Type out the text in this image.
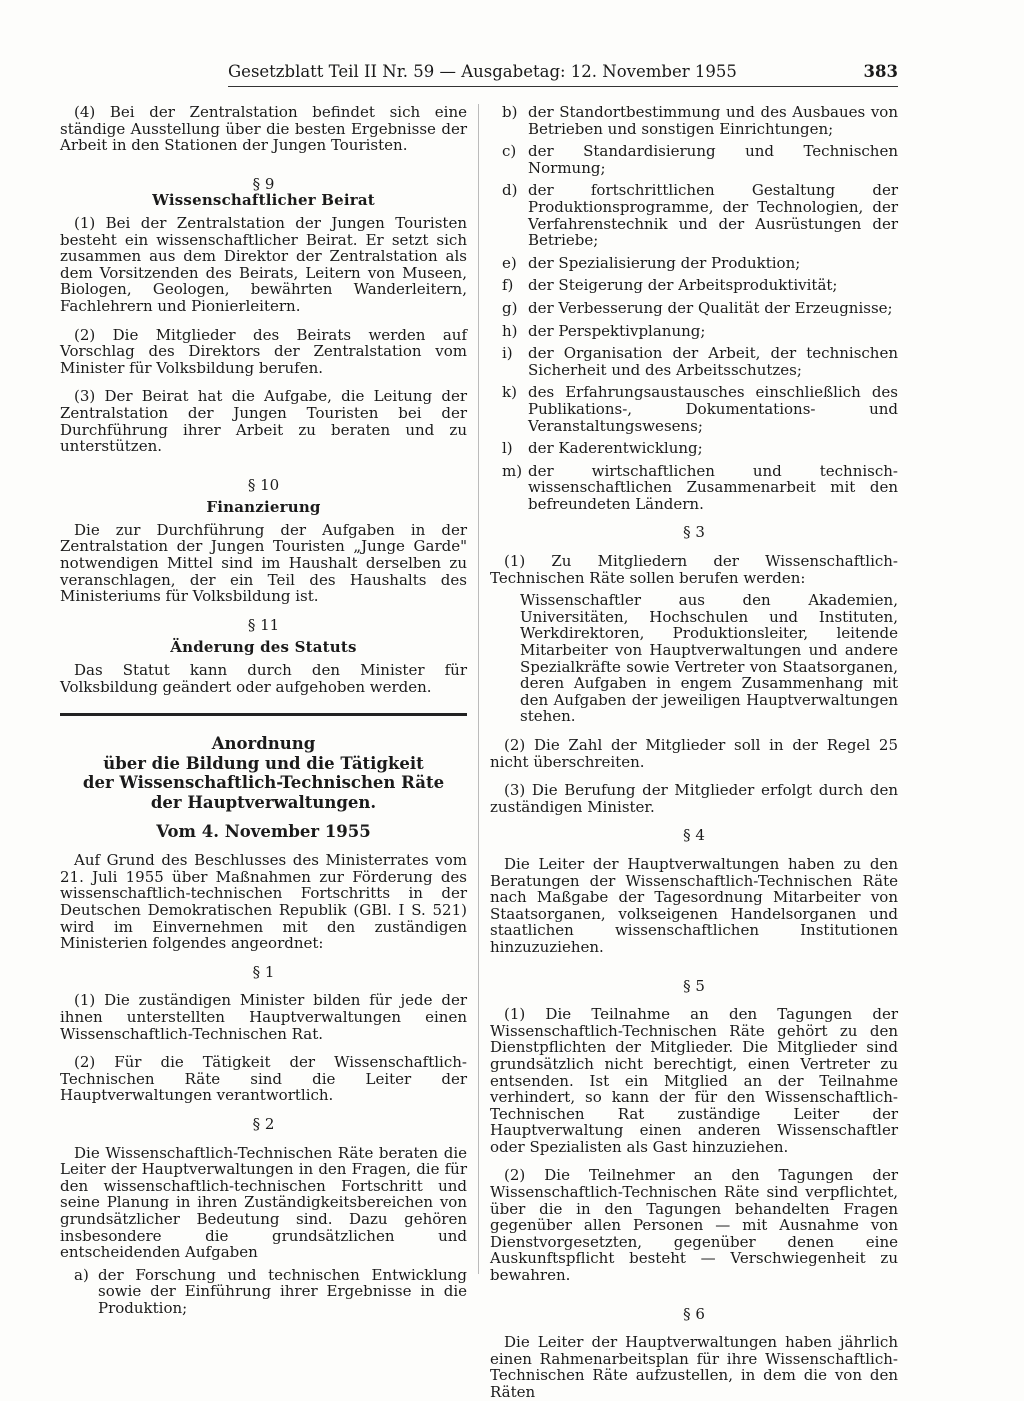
Gesetzblatt Teil II Nr. 59 — Ausgabetag: 12. November 1955	383

(4) Bei der Zentralstation befindet sich eine ständige Ausstellung über die besten Ergebnisse der Arbeit in den Stationen der Jungen Touristen.

§ 9
Wissenschaftlicher Beirat

(1) Bei der Zentralstation der Jungen Touristen besteht ein wissenschaftlicher Beirat. Er setzt sich zusammen aus dem Direktor der Zentralstation als dem Vorsitzenden des Beirats, Leitern von Museen, Biologen, Geologen, bewährten Wanderleitern, Fachlehrern und Pionierleitern.

(2) Die Mitglieder des Beirats werden auf Vorschlag des Direktors der Zentralstation vom Minister für Volksbildung berufen.

(3) Der Beirat hat die Aufgabe, die Leitung der Zentralstation der Jungen Touristen bei der Durchführung ihrer Arbeit zu beraten und zu unterstützen.

§ 10
Finanzierung

Die zur Durchführung der Aufgaben in der Zentralstation der Jungen Touristen „Junge Garde" notwendigen Mittel sind im Haushalt derselben zu veranschlagen, der ein Teil des Haushalts des Ministeriums für Volksbildung ist.

§ 11
Änderung des Statuts

Das Statut kann durch den Minister für Volksbildung geändert oder aufgehoben werden.

Anordnung
über die Bildung und die Tätigkeit
der Wissenschaftlich-Technischen Räte
der Hauptverwaltungen.
Vom 4. November 1955

Auf Grund des Beschlusses des Ministerrates vom 21. Juli 1955 über Maßnahmen zur Förderung des wissenschaftlich-technischen Fortschritts in der Deutschen Demokratischen Republik (GBl. I S. 521) wird im Einvernehmen mit den zuständigen Ministerien folgendes angeordnet:

§ 1

(1) Die zuständigen Minister bilden für jede der ihnen unterstellten Hauptverwaltungen einen Wissenschaftlich-Technischen Rat.

(2) Für die Tätigkeit der Wissenschaftlich-Technischen Räte sind die Leiter der Hauptverwaltungen verantwortlich.

§ 2

Die Wissenschaftlich-Technischen Räte beraten die Leiter der Hauptverwaltungen in den Fragen, die für den wissenschaftlich-technischen Fortschritt und seine Planung in ihren Zuständigkeitsbereichen von grundsätzlicher Bedeutung sind. Dazu gehören insbesondere die grundsätzlichen und entscheidenden Aufgaben

a) der Forschung und technischen Entwicklung sowie der Einführung ihrer Ergebnisse in die Produktion;
b) der Standortbestimmung und des Ausbaues von Betrieben und sonstigen Einrichtungen;
c) der Standardisierung und Technischen Normung;
d) der fortschrittlichen Gestaltung der Produktionsprogramme, der Technologien, der Verfahrenstechnik und der Ausrüstungen der Betriebe;
e) der Spezialisierung der Produktion;
f) der Steigerung der Arbeitsproduktivität;
g) der Verbesserung der Qualität der Erzeugnisse;
h) der Perspektivplanung;
i) der Organisation der Arbeit, der technischen Sicherheit und des Arbeitsschutzes;
k) des Erfahrungsaustausches einschließlich des Publikations-, Dokumentations- und Veranstaltungswesens;
l) der Kaderentwicklung;
m) der wirtschaftlichen und technisch-wissenschaftlichen Zusammenarbeit mit den befreundeten Ländern.
§ 3

(1) Zu Mitgliedern der Wissenschaftlich-Technischen Räte sollen berufen werden:

Wissenschaftler aus den Akademien, Universitäten, Hochschulen und Instituten, Werkdirektoren, Produktionsleiter, leitende Mitarbeiter von Hauptverwaltungen und andere Spezialkräfte sowie Vertreter von Staatsorganen, deren Aufgaben in engem Zusammenhang mit den Aufgaben der jeweiligen Hauptverwaltungen stehen.

(2) Die Zahl der Mitglieder soll in der Regel 25 nicht überschreiten.

(3) Die Berufung der Mitglieder erfolgt durch den zuständigen Minister.

§ 4

Die Leiter der Hauptverwaltungen haben zu den Beratungen der Wissenschaftlich-Technischen Räte nach Maßgabe der Tagesordnung Mitarbeiter von Staatsorganen, volkseigenen Handelsorganen und staatlichen wissenschaftlichen Institutionen hinzuzuziehen.

§ 5

(1) Die Teilnahme an den Tagungen der Wissenschaftlich-Technischen Räte gehört zu den Dienstpflichten der Mitglieder. Die Mitglieder sind grundsätzlich nicht berechtigt, einen Vertreter zu entsenden. Ist ein Mitglied an der Teilnahme verhindert, so kann der für den Wissenschaftlich-Technischen Rat zuständige Leiter der Hauptverwaltung einen anderen Wissenschaftler oder Spezialisten als Gast hinzuziehen.

(2) Die Teilnehmer an den Tagungen der Wissenschaftlich-Technischen Räte sind verpflichtet, über die in den Tagungen behandelten Fragen gegenüber allen Personen — mit Ausnahme von Dienstvorgesetzten, gegenüber denen eine Auskunftspflicht besteht — Verschwiegenheit zu bewahren.

§ 6

Die Leiter der Hauptverwaltungen haben jährlich einen Rahmenarbeitsplan für ihre Wissenschaftlich-Technischen Räte aufzustellen, in dem die von den Räten
